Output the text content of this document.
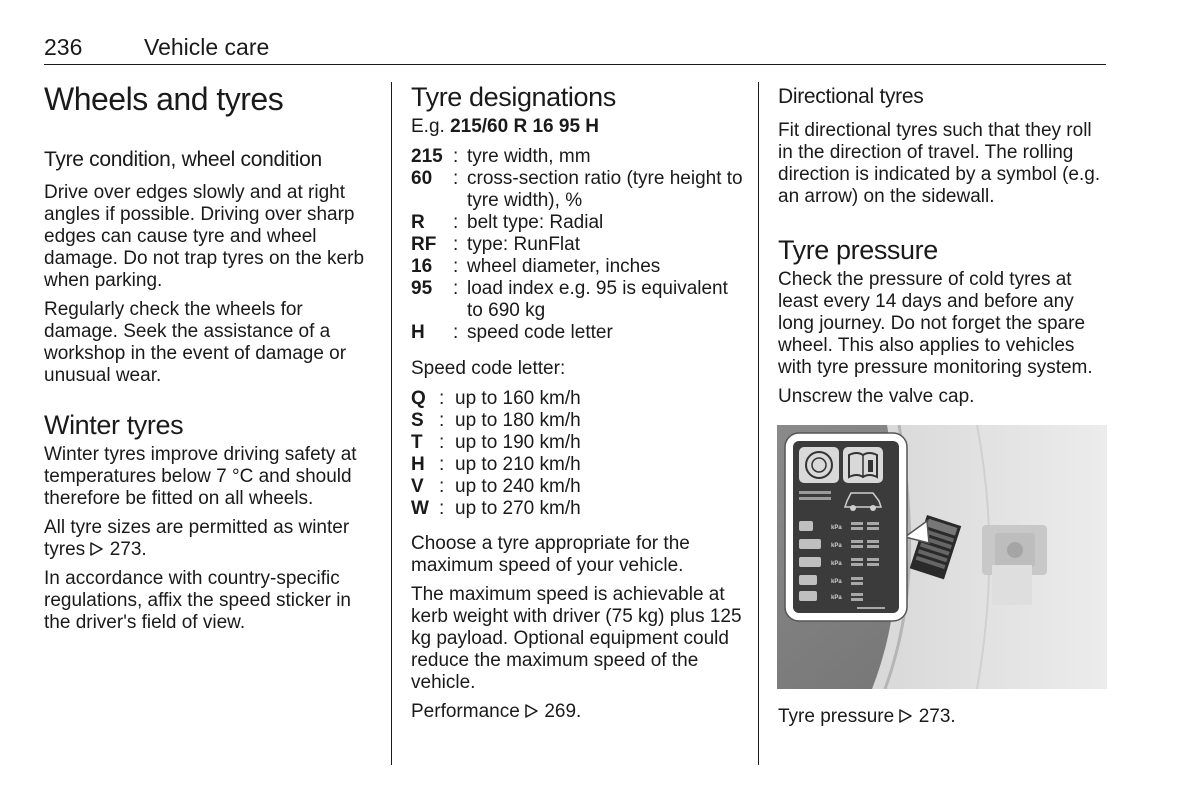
236	Vehicle care
Wheels and tyres
Tyre condition, wheel condition

Drive over edges slowly and at right angles if possible. Driving over sharp edges can cause tyre and wheel damage. Do not trap tyres on the kerb when parking.

Regularly check the wheels for damage. Seek the assistance of a workshop in the event of damage or unusual wear.

Winter tyres

Winter tyres improve driving safety at temperatures below 7 °C and should therefore be fitted on all wheels.

All tyre sizes are permitted as winter tyres  273.

In accordance with country-specific regulations, affix the speed sticker in the driver's field of view.

Tyre designations

E.g. 215/60 R 16 95 H

215 : tyre width, mm
60	: cross-section ratio (tyre height to tyre width), %
R	: belt type: Radial
RF : type: RunFlat
16	: wheel diameter, inches
95	: load index e.g. 95 is equivalent to 690 kg
H	: speed code letter

Speed code letter:

Q : up to 160 km/h
S : up to 180 km/h
T : up to 190 km/h
H : up to 210 km/h
V : up to 240 km/h
W : up to 270 km/h

Choose a tyre appropriate for the maximum speed of your vehicle.

The maximum speed is achievable at kerb weight with driver (75 kg) plus 125 kg payload. Optional equipment could reduce the maximum speed of the vehicle.

Performance  269.

Directional tyres

Fit directional tyres such that they roll in the direction of travel. The rolling direction is indicated by a symbol (e.g. an arrow) on the sidewall.

Tyre pressure

Check the pressure of cold tyres at least every 14 days and before any long journey. Do not forget the spare wheel. This also applies to vehicles with tyre pressure monitoring system.

Unscrew the valve cap.

kPa
kPa
kPa
kPa
kPa

Tyre pressure  273.
